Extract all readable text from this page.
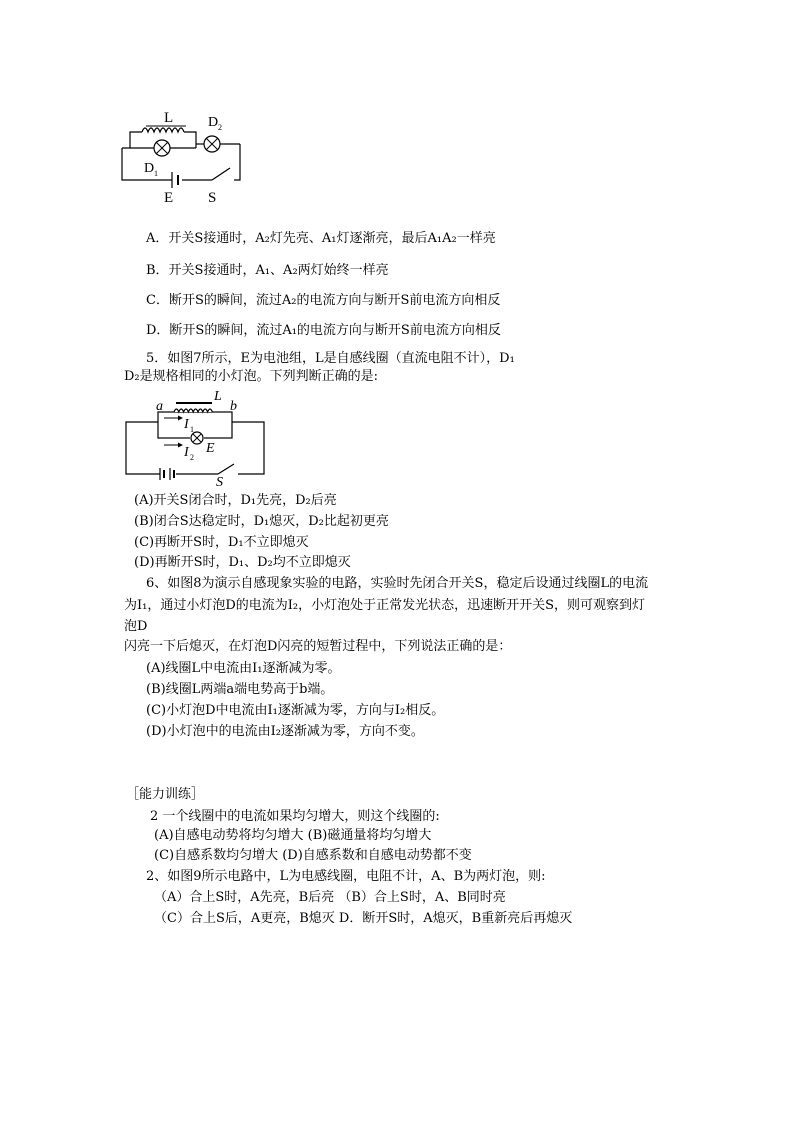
L D 2
D 1
E S
A．开关S接通时，A₂灯先亮、A₁灯逐渐亮，最后A₁A₂一样亮
B．开关S接通时，A₁、A₂两灯始终一样亮
C．断开S的瞬间，流过A₂的电流方向与断开S前电流方向相反
D．断开S的瞬间，流过A₁的电流方向与断开S前电流方向相反
5．如图7所示，E为电池组，L是自感线圈（直流电阻不计），D₁
D₂是规格相同的小灯泡。下列判断正确的是:
a	b
L
I 1
I 2
E
S
(A)开关S闭合时，D₁先亮，D₂后亮
(B)闭合S达稳定时，D₁熄灭，D₂比起初更亮
(C)再断开S时，D₁不立即熄灭
(D)再断开S时，D₁、D₂均不立即熄灭
6、如图8为演示自感现象实验的电路，实验时先闭合开关S，稳定后设通过线圈L的电流
为I₁，通过小灯泡D的电流为I₂，小灯泡处于正常发光状态，迅速断开开关S，则可观察到灯
泡D
闪亮一下后熄灭，在灯泡D闪亮的短暂过程中，下列说法正确的是：
(A)线圈L中电流由I₁逐渐减为零。
(B)线圈L两端a端电势高于b端。
(C)小灯泡D中电流由I₁逐渐减为零，方向与I₂相反。
(D)小灯泡中的电流由I₂逐渐减为零，方向不变。
［能力训练］
2 一个线圈中的电流如果均匀增大，则这个线圈的:
(A)自感电动势将均匀增大 (B)磁通量将均匀增大
(C)自感系数均匀增大 (D)自感系数和自感电动势都不变
2、如图9所示电路中，L为电感线圈，电阻不计，A、B为两灯泡，则:
（A）合上S时，A先亮，B后亮 （B）合上S时，A、B同时亮
（C）合上S后，A更亮，B熄灭 D．断开S时，A熄灭，B重新亮后再熄灭
